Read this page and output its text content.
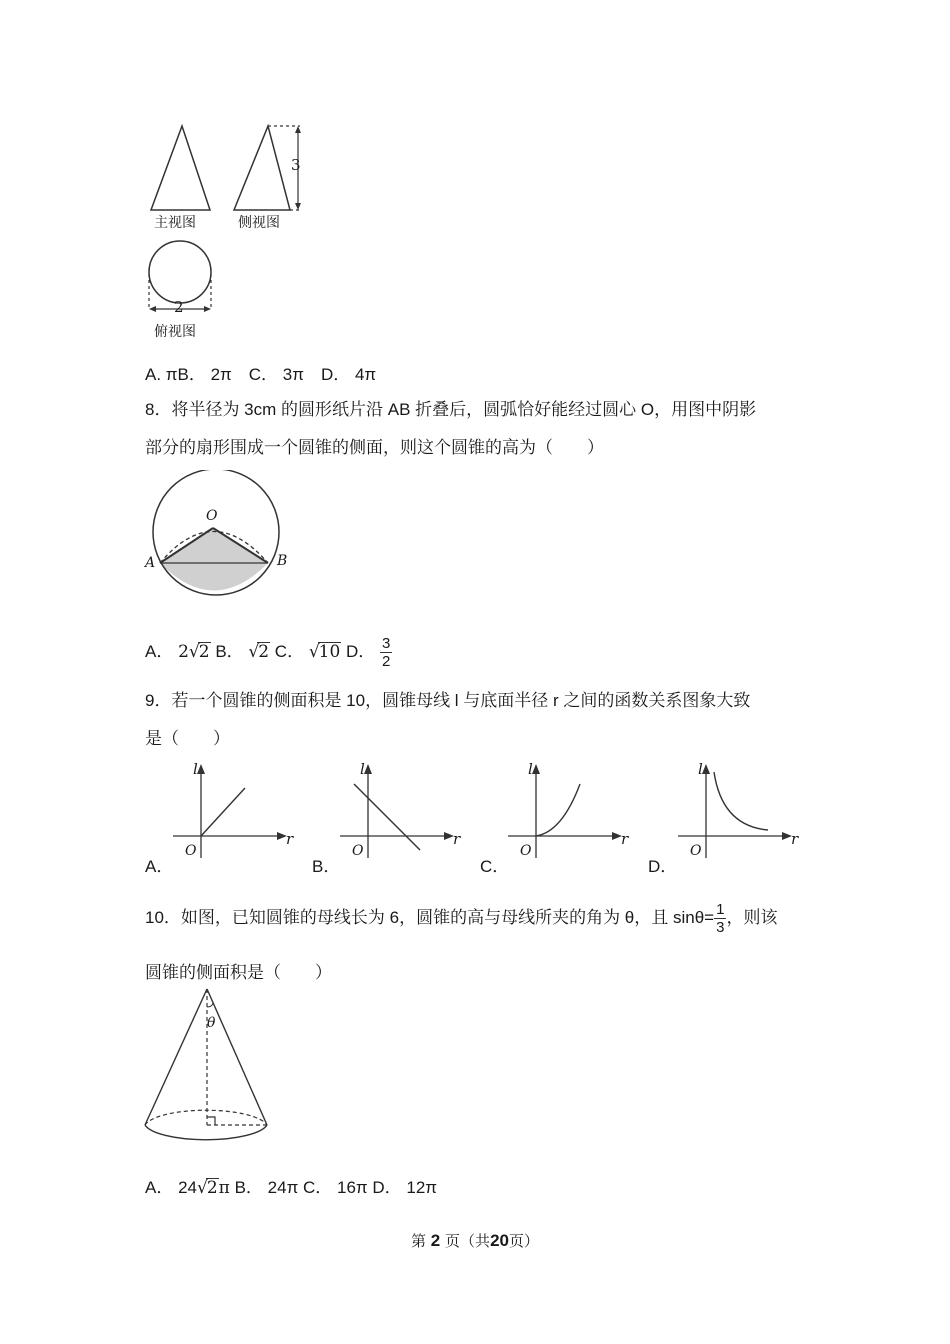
主视图	侧视图
俯视图
3
2
A. πB． 2π　C． 3π　D． 4π
8．将半径为 3cm 的圆形纸片沿 AB 折叠后，圆弧恰好能经过圆心 O，用图中阴影
部分的扇形围成一个圆锥的侧面，则这个圆锥的高为（　　）
O
A	B
A． 2√2 B． √2 C． √10 D． $\frac{3}{2}$
9．若一个圆锥的侧面积是 10，圆锥母线 l 与底面半径 r 之间的函数关系图象大致
是（　　）
A．	B．	C．	D．
l
r
O
l
r
O
l
r
O
l
r
O
10．如图，已知圆锥的母线长为 6，圆锥的高与母线所夹的角为 θ，且 $\sin\theta= \frac{1}{3}$ ，则该
圆锥的侧面积是（　　）
θ
A． 24√2π B． 24π C． 16π D． 12π
第 2 页（共20页）
